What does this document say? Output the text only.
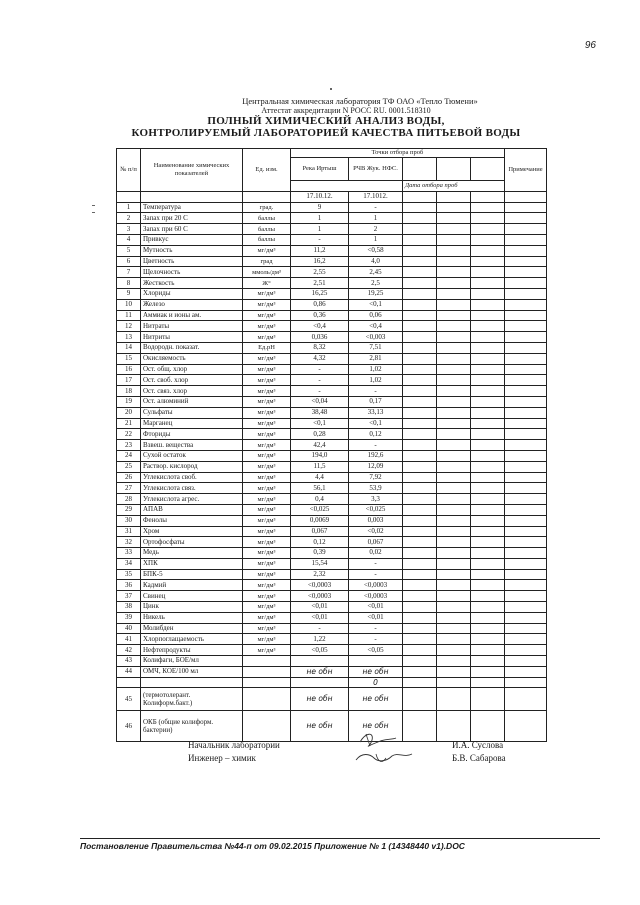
96
Центральная химическая лаборатория ТФ ОАО «Тепло Тюмени»
Аттестат аккредитации N РОСС RU. 0001.518310
ПОЛНЫЙ ХИМИЧЕСКИЙ АНАЛИЗ ВОДЫ,
КОНТРОЛИРУЕМЫЙ ЛАБОРАТОРИЕЙ КАЧЕСТВА ПИТЬЕВОЙ ВОДЫ
№ п/п	Наименование химических показателей	Ед. изм.	Точки отбора проб					Примечание
			Река Иртыш	РЧВ Жук. НФС.				
					Дата отбора проб			
			17.10.12.	17.1012.				
1	Температура	град.	9	-				
2	Запах при 20 С	баллы	1	1				
3	Запах при 60 С	баллы	1	2				
4	Привкус	баллы	-	1				
5	Мутность	мг/дм³	11,2	<0,58				
6	Цветность	град	16,2	4,0				
7	Щелочность	ммоль/дм³	2,55	2,45				
8	Жесткость	Ж°	2,51	2,5				
9	Хлориды	мг/дм³	16,25	19,25				
10	Железо	мг/дм³	0,86	<0,1				
11	Аммиак и ионы ам.	мг/дм³	0,36	0,06				
12	Нитраты	мг/дм³	<0,4	<0,4				
13	Нитриты	мг/дм³	0,036	<0,003				
14	Водородн. показат.	Ед.рН	8,32	7,51				
15	Окисляемость	мг/дм³	4,32	2,81				
16	Ост. общ. хлор	мг/дм³	-	1,02				
17	Ост. своб. хлор	мг/дм³	-	1,02				
18	Ост. связ. хлор	мг/дм³	-	-				
19	Ост. алюминий	мг/дм³	<0,04	0,17				
20	Сульфаты	мг/дм³	38,48	33,13				
21	Марганец	мг/дм³	<0,1	<0,1				
22	Фториды	мг/дм³	0,28	0,12				
23	Взвеш. вещества	мг/дм³	42,4	-				
24	Сухой остаток	мг/дм³	194,0	192,6				
25	Раствор. кислород	мг/дм³	11,5	12,09				
26	Углекислота своб.	мг/дм³	4,4	7,92				
27	Углекислота связ.	мг/дм³	56,1	53,9				
28	Углекислота агрес.	мг/дм³	0,4	3,3				
29	АПАВ	мг/дм³	<0,025	<0,025				
30	Фенолы	мг/дм³	0,0069	0,003				
31	Хром	мг/дм³	0,067	<0,02				
32	Ортофосфаты	мг/дм³	0,12	0,067				
33	Медь	мг/дм³	0,39	0,02				
34	ХПК	мг/дм³	15,54	-				
35	БПК-5	мг/дм³	2,32	-				
36	Кадмий	мг/дм³	<0,0003	<0,0003				
37	Свинец	мг/дм³	<0,0003	<0,0003				
38	Цинк	мг/дм³	<0,01	<0,01				
39	Никель	мг/дм³	<0,01	<0,01				
40	Молибден	мг/дм³	-	-				
41	Хлорпоглащаемость	мг/дм³	1,22	-				
42	Нефтепродукты	мг/дм³	<0,05	<0,05				
43	Колифаги, БОЕ/мл							
44	ОМЧ, КОЕ/100 мл		не обн	не обн				
				0				
45	(термотолерант. Колиформ.бакт.)		не обн	не обн				
46	ОКБ (общие колиформ. бактерии)		не обн	не обн				
Начальник лаборатории
Инженер – химик
И.А. Суслова
Б.В. Сабарова
Постановление Правительства №44-п от 09.02.2015 Приложение № 1 (14348440 v1).DOC
